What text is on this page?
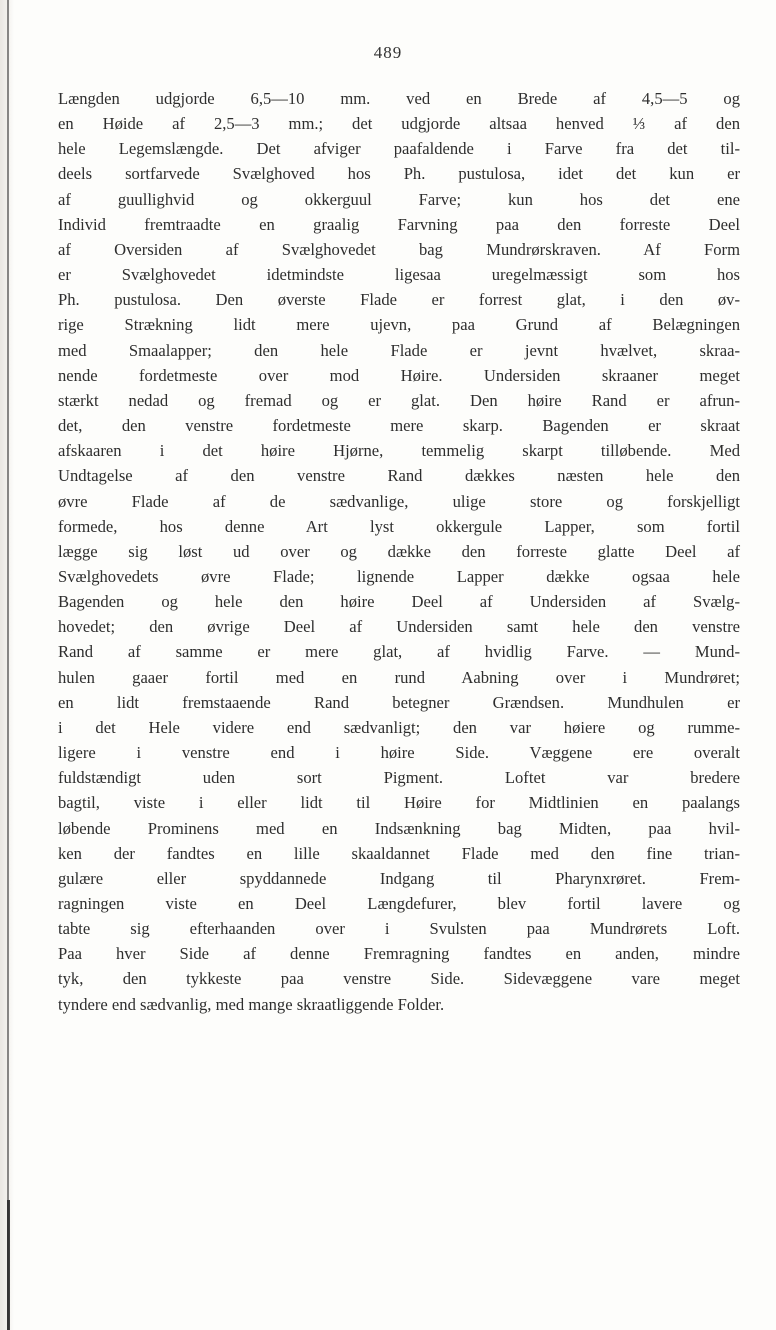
489
Længden udgjorde 6,5—10 mm. ved en Brede af 4,5—5 og
en Høide af 2,5—3 mm.; det udgjorde altsaa henved ⅓ af den
hele Legemslængde. Det afviger paafaldende i Farve fra det til-
deels sortfarvede Svælghoved hos Ph. pustulosa, idet det kun er
af guullighvid og okkerguul Farve; kun hos det ene
Individ fremtraadte en graalig Farvning paa den forreste Deel
af Oversiden af Svælghovedet bag Mundrørskraven. Af Form
er Svælghovedet idetmindste ligesaa uregelmæssigt som hos
Ph. pustulosa. Den øverste Flade er forrest glat, i den øv-
rige Strækning lidt mere ujevn, paa Grund af Belægningen
med Smaalapper; den hele Flade er jevnt hvælvet, skraa-
nende fordetmeste over mod Høire. Undersiden skraaner meget
stærkt nedad og fremad og er glat. Den høire Rand er afrun-
det, den venstre fordetmeste mere skarp. Bagenden er skraat
afskaaren i det høire Hjørne, temmelig skarpt tilløbende. Med
Undtagelse af den venstre Rand dækkes næsten hele den
øvre Flade af de sædvanlige, ulige store og forskjelligt
formede, hos denne Art lyst okkergule Lapper, som fortil
lægge sig løst ud over og dække den forreste glatte Deel af
Svælghovedets øvre Flade; lignende Lapper dække ogsaa hele
Bagenden og hele den høire Deel af Undersiden af Svælg-
hovedet; den øvrige Deel af Undersiden samt hele den venstre
Rand af samme er mere glat, af hvidlig Farve. — Mund-
hulen gaaer fortil med en rund Aabning over i Mundrøret;
en lidt fremstaaende Rand betegner Grændsen. Mundhulen er
i det Hele videre end sædvanligt; den var høiere og rumme-
ligere i venstre end i høire Side. Væggene ere overalt
fuldstændigt uden sort Pigment. Loftet var bredere
bagtil, viste i eller lidt til Høire for Midtlinien en paalangs
løbende Prominens med en Indsænkning bag Midten, paa hvil-
ken der fandtes en lille skaaldannet Flade med den fine trian-
gulære eller spyddannede Indgang til Pharynxrøret. Frem-
ragningen viste en Deel Længdefurer, blev fortil lavere og
tabte sig efterhaanden over i Svulsten paa Mundrørets Loft.
Paa hver Side af denne Fremragning fandtes en anden, mindre
tyk, den tykkeste paa venstre Side. Sidevæggene vare meget
tyndere end sædvanlig, med mange skraatliggende Folder.
